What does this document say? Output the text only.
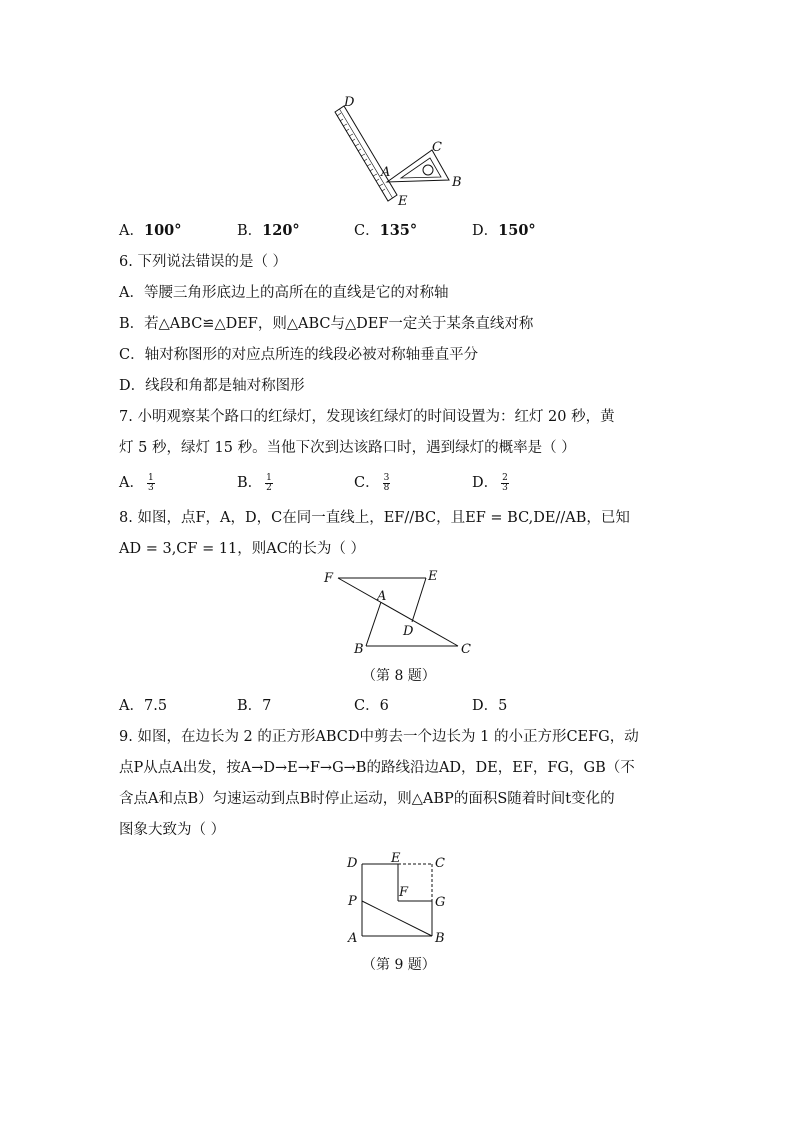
D
A
C
B
E
A．100°	B．120°	C．135°	D．150°
6. 下列说法错误的是（ ）
A．等腰三角形底边上的高所在的直线是它的对称轴
B．若△ABC≌△DEF，则△ABC与△DEF一定关于某条直线对称
C．轴对称图形的对应点所连的线段必被对称轴垂直平分
D．线段和角都是轴对称图形
7. 小明观察某个路口的红绿灯，发现该红绿灯的时间设置为：红灯 20 秒，黄
灯 5 秒，绿灯 15 秒。当他下次到达该路口时，遇到绿灯的概率是（ ）
A． $\frac{1}{3}$	B． $\frac{1}{2}$	C． $\frac{3}{8}$	D． $\frac{2}{3}$
8. 如图，点F，A，D，C在同一直线上，EF//BC，且EF = BC,DE//AB，已知
AD = 3,CF = 11，则AC的长为（ ）
F	E
A
D
B	C
（第 8 题）
A．7.5	B．7	C．6	D．5
9. 如图，在边长为 2 的正方形ABCD中剪去一个边长为 1 的小正方形CEFG，动
点P从点A出发，按A→D→E→F→G→B的路线沿边AD，DE，EF，FG，GB（不
含点A和点B）匀速运动到点B时停止运动，则△ABP的面积S随着时间t变化的
图象大致为（ ）
D	E	C
F
P	G
A	B
（第 9 题）
